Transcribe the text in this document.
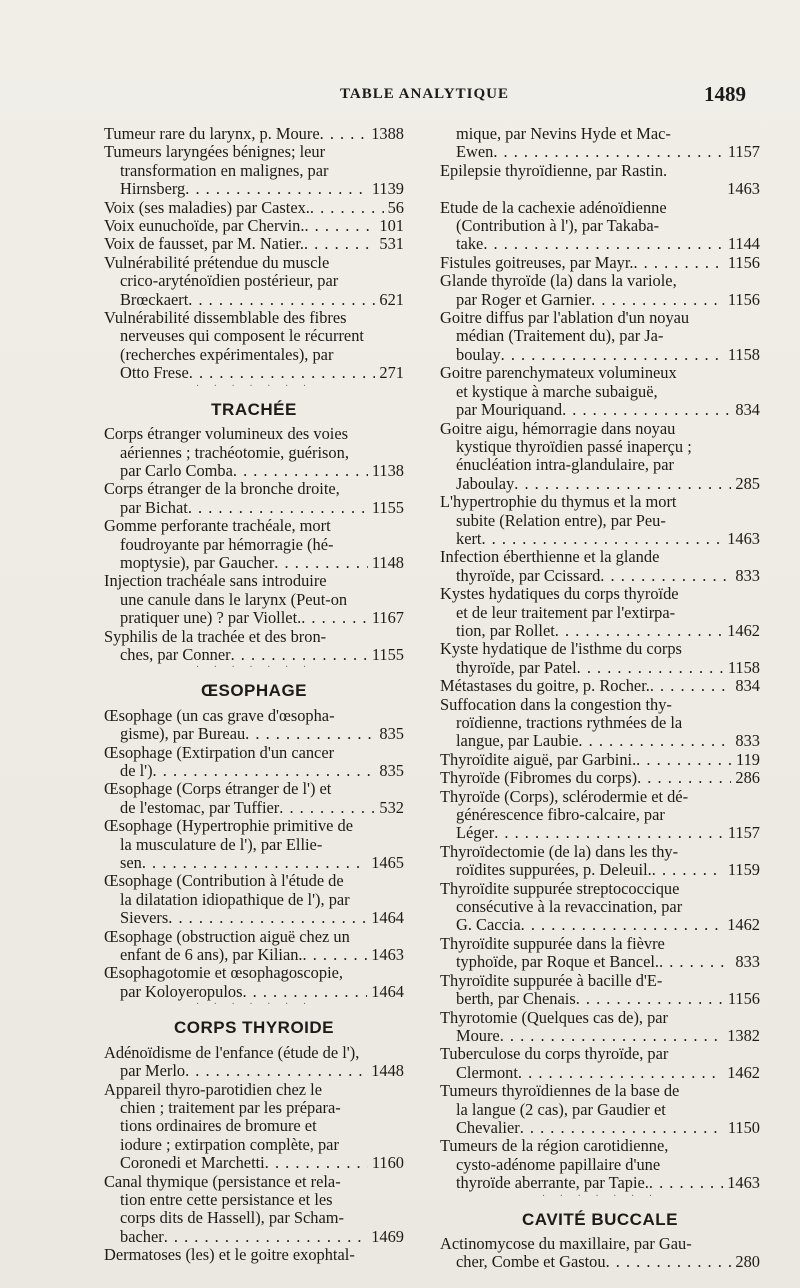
TABLE ANALYTIQUE	1489
Tumeur rare du larynx, p. Moure . . .	1388
Tumeurs laryngées bénignes; leur
transformation en malignes, par
Hirnsberg . . .	1139
Voix (ses maladies) par Castex. . . .	56
Voix eunuchoïde, par Chervin. . . .	101
Voix de fausset, par M. Natier. . . .	531
Vulnérabilité prétendue du muscle
crico-aryténoïdien postérieur, par
Brœckaert . . .	621
Vulnérabilité dissemblable des fibres
nerveuses qui composent le récurrent
(recherches expérimentales), par
Otto Frese . . .	271
· · · · · · ·
TRACHÉE
Corps étranger volumineux des voies
aériennes ; trachéotomie, guérison,
par Carlo Comba . . .	1138
Corps étranger de la bronche droite,
par Bichat . . .	1155
Gomme perforante trachéale, mort
foudroyante par hémorragie (hé-
moptysie), par Gaucher . . .	1148
Injection trachéale sans introduire
une canule dans le larynx (Peut-on
pratiquer une) ? par Viollet. . . .	1167
Syphilis de la trachée et des bron-
ches, par Conner . . .	1155
· · · · · · ·
ŒSOPHAGE
Œsophage (un cas grave d'œsopha-
gisme), par Bureau . . .	835
Œsophage (Extirpation d'un cancer
de l') . . .	835
Œsophage (Corps étranger de l') et
de l'estomac, par Tuffier . . .	532
Œsophage (Hypertrophie primitive de
la musculature de l'), par Ellie-
sen . . .	1465
Œsophage (Contribution à l'étude de
la dilatation idiopathique de l'), par
Sievers . . .	1464
Œsophage (obstruction aiguë chez un
enfant de 6 ans), par Kilian. . . .	1463
Œsophagotomie et œsophagoscopie,
par Koloyeropulos . . .	1464
· · · · · · ·
CORPS THYROIDE
Adénoïdisme de l'enfance (étude de l'),
par Merlo . . .	1448
Appareil thyro-parotidien chez le
chien ; traitement par les prépara-
tions ordinaires de bromure et
iodure ; extirpation complète, par
Coronedi et Marchetti . . .	1160
Canal thymique (persistance et rela-
tion entre cette persistance et les
corps dits de Hassell), par Scham-
bacher . . .	1469
Dermatoses (les) et le goitre exophtal-
mique, par Nevins Hyde et Mac-
Ewen . . .	1157
Epilepsie thyroïdienne, par Rastin.
1463
Etude de la cachexie adénoïdienne
(Contribution à l'), par Takaba-
take . . .	1144
Fistules goitreuses, par Mayr. . . .	1156
Glande thyroïde (la) dans la variole,
par Roger et Garnier . . .	1156
Goitre diffus par l'ablation d'un noyau
médian (Traitement du), par Ja-
boulay . . .	1158
Goitre parenchymateux volumineux
et kystique à marche subaiguë,
par Mouriquand . . .	834
Goitre aigu, hémorragie dans noyau
kystique thyroïdien passé inaperçu ;
énucléation intra-glandulaire, par
Jaboulay . . .	285
L'hypertrophie du thymus et la mort
subite (Relation entre), par Peu-
kert . . .	1463
Infection éberthienne et la glande
thyroïde, par Ccissard . . .	833
Kystes hydatiques du corps thyroïde
et de leur traitement par l'extirpa-
tion, par Rollet . . .	1462
Kyste hydatique de l'isthme du corps
thyroïde, par Patel . . .	1158
Métastases du goitre, p. Rocher. . . .	834
Suffocation dans la congestion thy-
roïdienne, tractions rythmées de la
langue, par Laubie . . .	833
Thyroïdite aiguë, par Garbini. . . .	119
Thyroïde (Fibromes du corps) . . .	286
Thyroïde (Corps), sclérodermie et dé-
générescence fibro-calcaire, par
Léger . . .	1157
Thyroïdectomie (de la) dans les thy-
roïdites suppurées, p. Deleuil. . . .	1159
Thyroïdite suppurée streptococcique
consécutive à la revaccination, par
G. Caccia . . .	1462
Thyroïdite suppurée dans la fièvre
typhoïde, par Roque et Bancel. . . .	833
Thyroïdite suppurée à bacille d'E-
berth, par Chenais . . .	1156
Thyrotomie (Quelques cas de), par
Moure . . .	1382
Tuberculose du corps thyroïde, par
Clermont . . .	1462
Tumeurs thyroïdiennes de la base de
la langue (2 cas), par Gaudier et
Chevalier . . .	1150
Tumeurs de la région carotidienne,
cysto-adénome papillaire d'une
thyroïde aberrante, par Tapie. . . .	1463
· · · · · · ·
CAVITÉ BUCCALE
Actinomycose du maxillaire, par Gau-
cher, Combe et Gastou . . .	280
